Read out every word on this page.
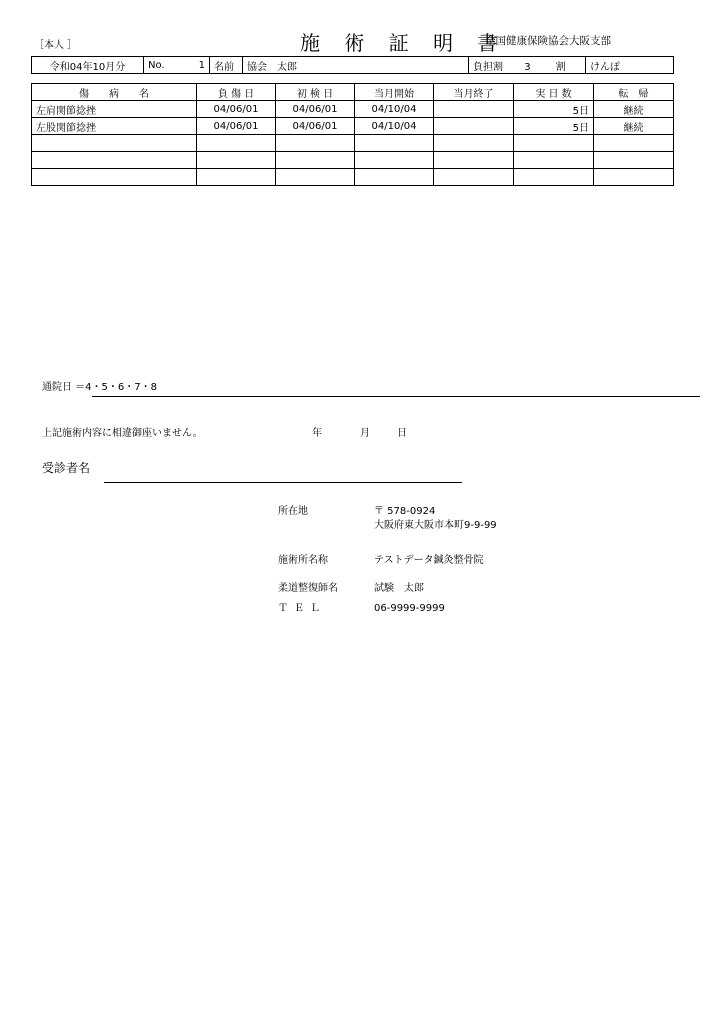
［本人 ］	施 術 証 明 書
全国健康保険協会大阪支部
令和04年10月分	No.	1	名前	協会　太郎	負担割 3	割	けんぽ
傷　　病　　名	負 傷 日	初 検 日	当月開始	当月終了	実 日 数	転　帰
左肩関節捻挫	04/06/01	04/06/01	04/10/04		5日	継続
左股関節捻挫	04/06/01	04/06/01	04/10/04		5日	継続

通院日 ＝4・5・6・7・8
上記施術内容に相違御座いません。	年	月	日
受診者名
所在地	〒 578-0924
大阪府東大阪市本町9-9-99
施術所名称	テストデータ鍼灸整骨院
柔道整復師名	試験　太郎
ＴＥＬ	06-9999-9999
